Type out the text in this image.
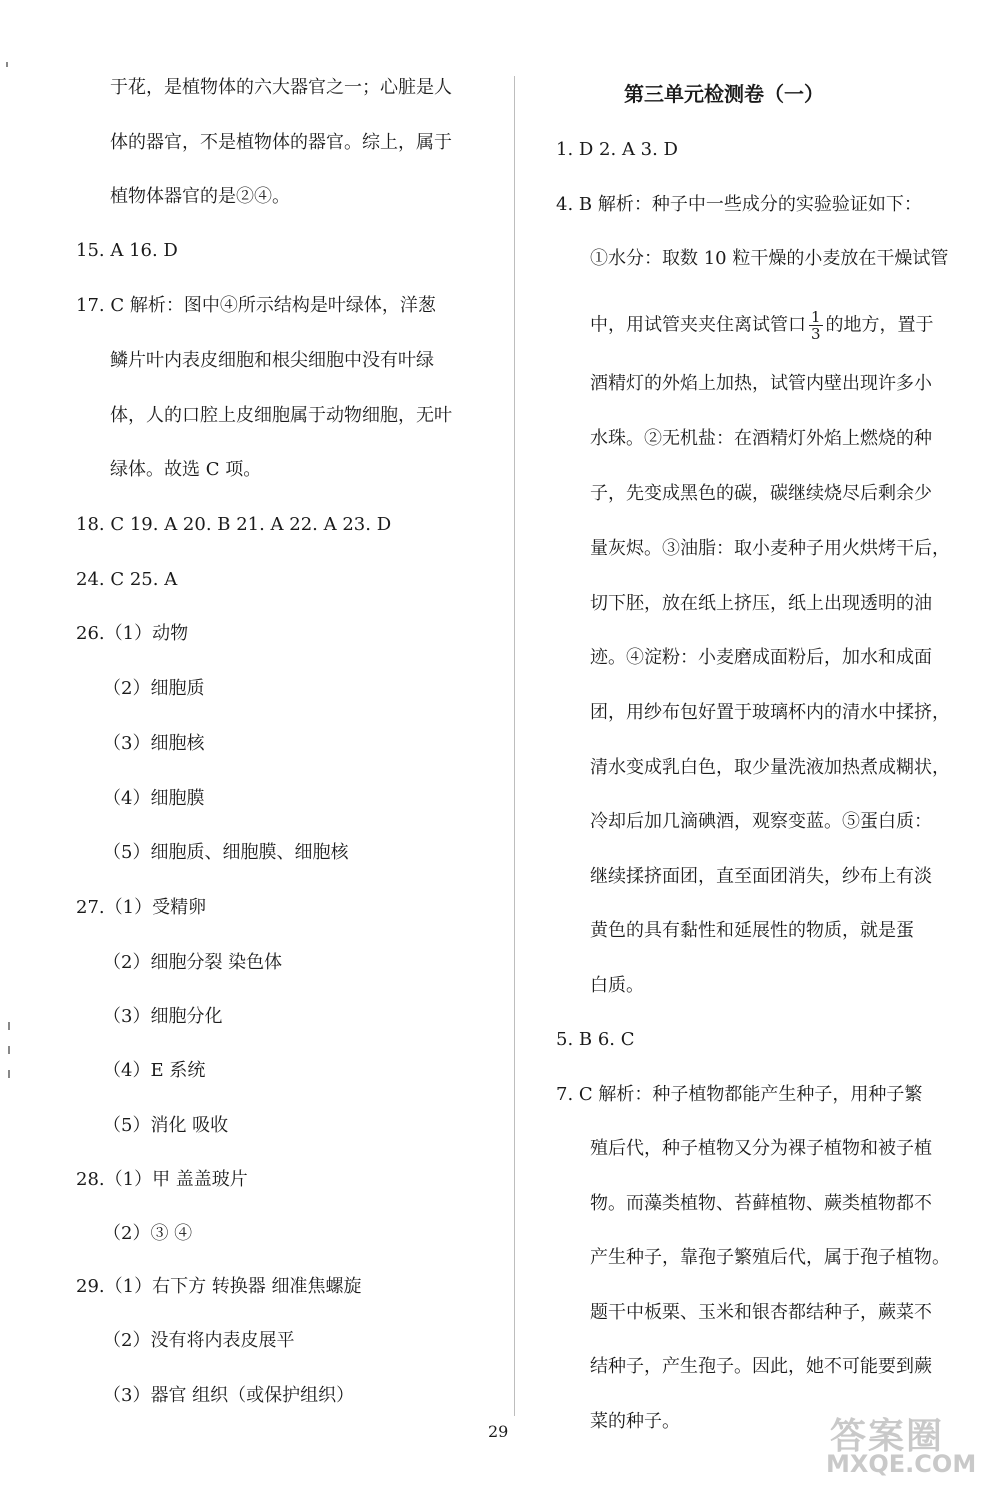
于花，是植物体的六大器官之一；心脏是人
体的器官，不是植物体的器官。综上，属于
植物体器官的是②④。
15. A 16. D
17. C 解析：图中④所示结构是叶绿体，洋葱
鳞片叶内表皮细胞和根尖细胞中没有叶绿
体，人的口腔上皮细胞属于动物细胞，无叶
绿体。故选 C 项。
18. C 19. A 20. B 21. A 22. A 23. D
24. C 25. A
26.（1）动物
（2）细胞质
（3）细胞核
（4）细胞膜
（5）细胞质、细胞膜、细胞核
27.（1）受精卵
（2）细胞分裂 染色体
（3）细胞分化
（4）E 系统
（5）消化 吸收
28.（1）甲 盖盖玻片
（2）③ ④
29.（1）右下方 转换器 细准焦螺旋
（2）没有将内表皮展平
（3）器官 组织（或保护组织）
第三单元检测卷（一）
1. D 2. A 3. D
4. B 解析：种子中一些成分的实验验证如下：
①水分：取数 10 粒干燥的小麦放在干燥试管
中，用试管夹夹住离试管口 $\frac{1}{3}$ 的地方，置于
酒精灯的外焰上加热，试管内壁出现许多小
水珠。②无机盐：在酒精灯外焰上燃烧的种
子，先变成黑色的碳，碳继续烧尽后剩余少
量灰烬。③油脂：取小麦种子用火烘烤干后，
切下胚，放在纸上挤压，纸上出现透明的油
迹。④淀粉：小麦磨成面粉后，加水和成面
团，用纱布包好置于玻璃杯内的清水中揉挤，
清水变成乳白色，取少量洗液加热煮成糊状，
冷却后加几滴碘酒，观察变蓝。⑤蛋白质：
继续揉挤面团，直至面团消失，纱布上有淡
黄色的具有黏性和延展性的物质，就是蛋
白质。
5. B 6. C
7. C 解析：种子植物都能产生种子，用种子繁
殖后代，种子植物又分为裸子植物和被子植
物。而藻类植物、苔藓植物、蕨类植物都不
产生种子，靠孢子繁殖后代，属于孢子植物。
题干中板栗、玉米和银杏都结种子，蕨菜不
结种子，产生孢子。因此，她不可能要到蕨
菜的种子。
29	答案圈
MXQE.COM
